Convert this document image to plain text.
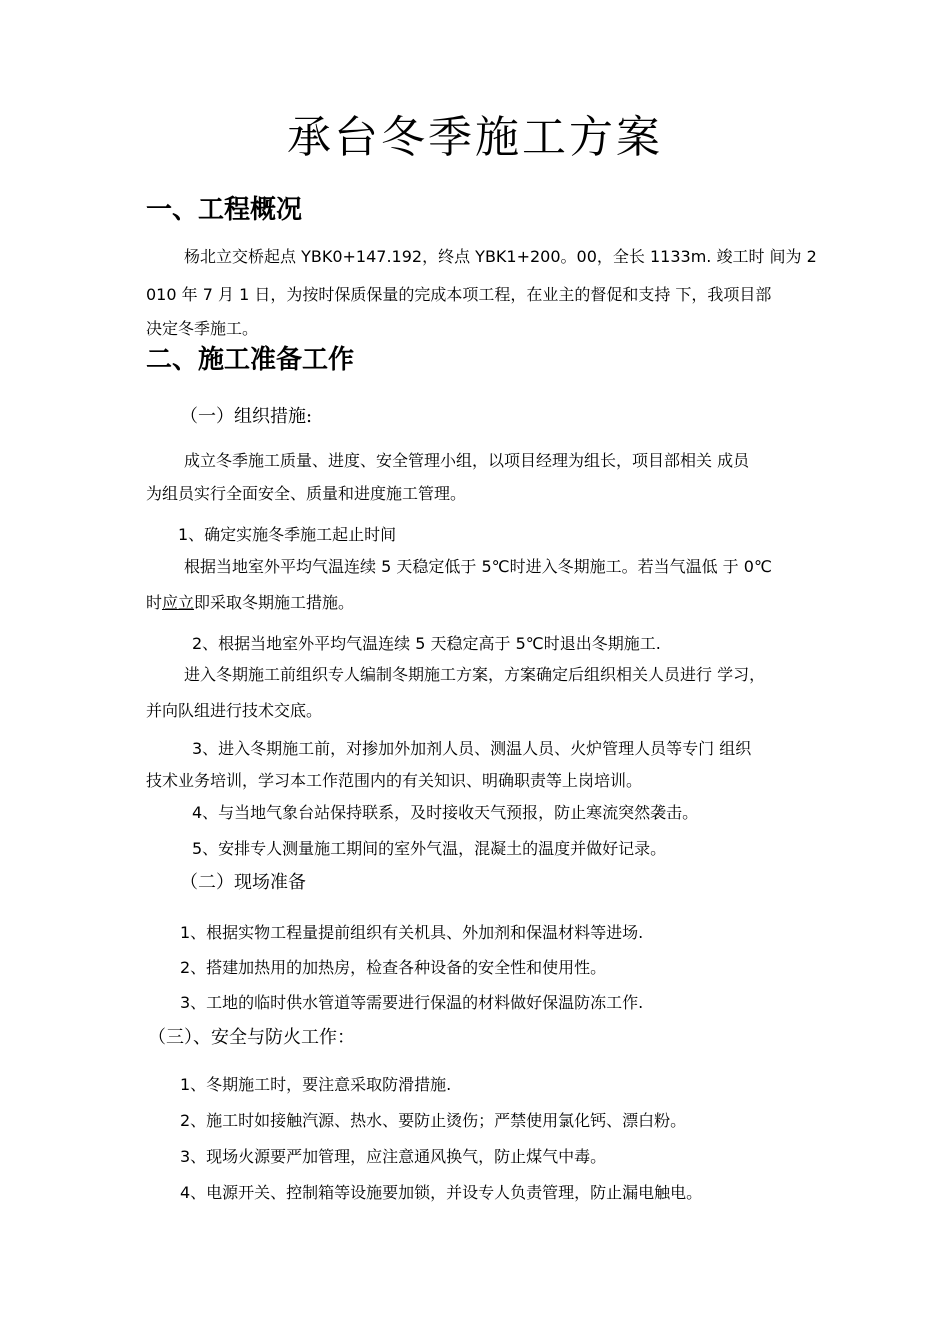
承台冬季施工方案
一、工程概况
杨北立交桥起点 YBK0+147.192，终点 YBK1+200。00，全长 1133m. 竣工时 间为 2
010 年 7 月 1 日，为按时保质保量的完成本项工程，在业主的督促和支持 下，我项目部
决定冬季施工。
二、施工准备工作
（一）组织措施:
成立冬季施工质量、进度、安全管理小组，以项目经理为组长，项目部相关 成员
为组员实行全面安全、质量和进度施工管理。
1、确定实施冬季施工起止时间
根据当地室外平均气温连续 5 天稳定低于 5℃时进入冬期施工。若当气温低 于 0℃
时应立即采取冬期施工措施。
2、根据当地室外平均气温连续 5 天稳定高于 5℃时退出冬期施工.
进入冬期施工前组织专人编制冬期施工方案，方案确定后组织相关人员进行 学习，
并向队组进行技术交底。
3、进入冬期施工前，对掺加外加剂人员、测温人员、火炉管理人员等专门 组织
技术业务培训，学习本工作范围内的有关知识、明确职责等上岗培训。
4、与当地气象台站保持联系，及时接收天气预报，防止寒流突然袭击。
5、安排专人测量施工期间的室外气温，混凝土的温度并做好记录。
（二）现场准备
1、根据实物工程量提前组织有关机具、外加剂和保温材料等进场.
2、搭建加热用的加热房，检查各种设备的安全性和使用性。
3、工地的临时供水管道等需要进行保温的材料做好保温防冻工作.
（三）、安全与防火工作：
1、冬期施工时，要注意采取防滑措施.
2、施工时如接触汽源、热水、要防止烫伤；严禁使用氯化钙、漂白粉。
3、现场火源要严加管理，应注意通风换气，防止煤气中毒。
4、电源开关、控制箱等设施要加锁，并设专人负责管理，防止漏电触电。
